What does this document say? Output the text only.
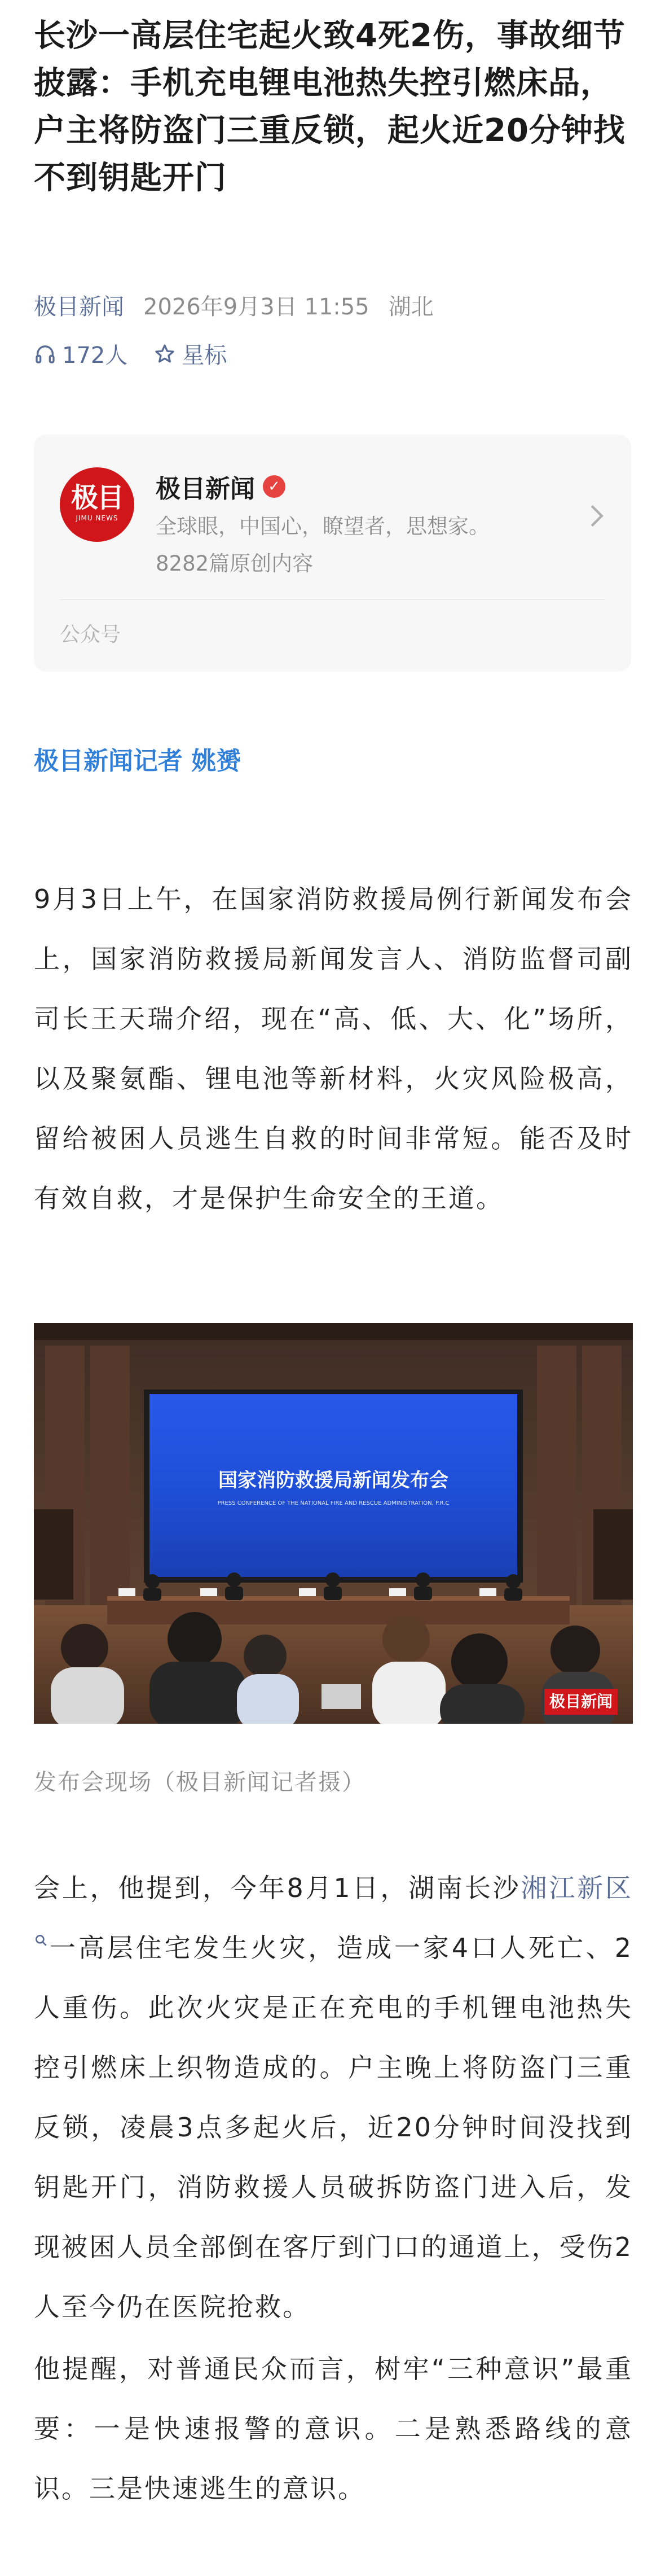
长沙一高层住宅起火致4死2伤，事故细节披露：手机充电锂电池热失控引燃床品，户主将防盗门三重反锁，起火近20分钟找不到钥匙开门
极目新闻 2026年9月3日 11:55 湖北
172人 星标
极目
JIMU NEWS
极目新闻 ✓
全球眼，中国心，瞭望者，思想家。
8282篇原创内容
公众号
极目新闻记者 姚赟

9月3日上午，在国家消防救援局例行新闻发布会上，国家消防救援局新闻发言人、消防监督司副司长王天瑞介绍，现在“高、低、大、化”场所，以及聚氨酯、锂电池等新材料，火灾风险极高，留给被困人员逃生自救的时间非常短。能否及时有效自救，才是保护生命安全的王道。

国家消防救援局新闻发布会
PRESS CONFERENCE OF THE NATIONAL FIRE AND RESCUE ADMINISTRATION, P.R.C
极目新闻
发布会现场（极目新闻记者摄）

会上，他提到，今年8月1日，湖南长沙湘江新区一高层住宅发生火灾，造成一家4口人死亡、2人重伤。此次火灾是正在充电的手机锂电池热失控引燃床上织物造成的。户主晚上将防盗门三重反锁，凌晨3点多起火后，近20分钟时间没找到钥匙开门，消防救援人员破拆防盗门进入后，发现被困人员全部倒在客厅到门口的通道上，受伤2人至今仍在医院抢救。

他提醒，对普通民众而言，树牢“三种意识”最重要：一是快速报警的意识。二是熟悉路线的意识。三是快速逃生的意识。
